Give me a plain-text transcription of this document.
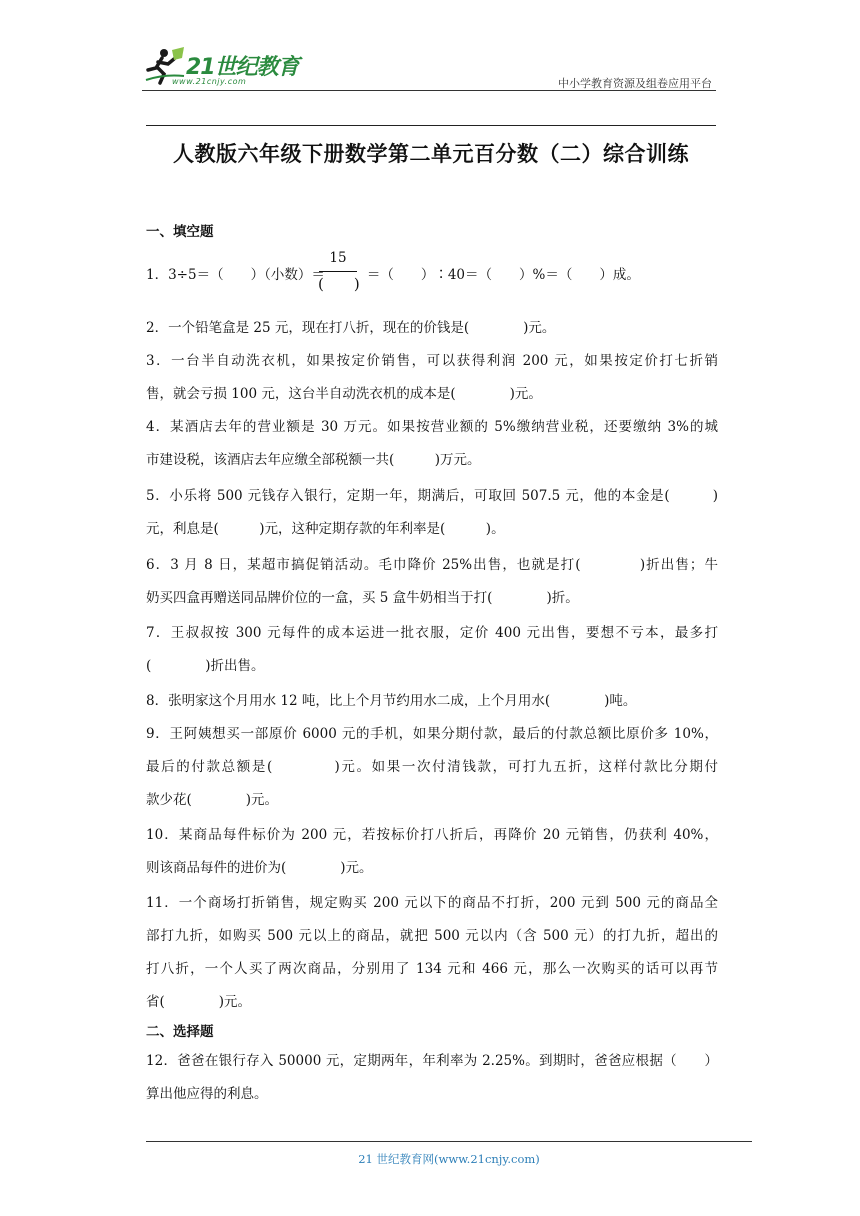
21世纪教育
www.21cnjy.com	中小学教育资源及组卷应用平台
人教版六年级下册数学第二单元百分数（二）综合训练
一、填空题
1．3÷5＝（　　）（小数）＝	＝（　　）∶40＝（　　）%＝（　　）成。
15
(　　)
2．一个铅笔盒是 25 元，现在打八折，现在的价钱是(　　　　)元。
3．一台半自动洗衣机，如果按定价销售，可以获得利润 200 元，如果按定价打七折销
售，就会亏损 100 元，这台半自动洗衣机的成本是(　　　　)元。
4．某酒店去年的营业额是 30 万元。如果按营业额的 5%缴纳营业税，还要缴纳 3%的城
市建设税，该酒店去年应缴全部税额一共(　　　)万元。
5．小乐将 500 元钱存入银行，定期一年，期满后，可取回 507.5 元，他的本金是(　　　)
元，利息是(　　　)元，这种定期存款的年利率是(　　　)。
6．3 月 8 日，某超市搞促销活动。毛巾降价 25%出售，也就是打(　　　　)折出售；牛
奶买四盒再赠送同品牌价位的一盒，买 5 盒牛奶相当于打(　　　　)折。
7．王叔叔按 300 元每件的成本运进一批衣服，定价 400 元出售，要想不亏本，最多打
(　　　　)折出售。
8．张明家这个月用水 12 吨，比上个月节约用水二成，上个月用水(　　　　)吨。
9．王阿姨想买一部原价 6000 元的手机，如果分期付款，最后的付款总额比原价多 10%，
最后的付款总额是(　　　　)元。如果一次付清钱款，可打九五折，这样付款比分期付
款少花(　　　　)元。
10．某商品每件标价为 200 元，若按标价打八折后，再降价 20 元销售，仍获利 40%，
则该商品每件的进价为(　　　　)元。
11．一个商场打折销售，规定购买 200 元以下的商品不打折，200 元到 500 元的商品全
部打九折，如购买 500 元以上的商品，就把 500 元以内（含 500 元）的打九折，超出的
打八折，一个人买了两次商品，分别用了 134 元和 466 元，那么一次购买的话可以再节
省(　　　　)元。
二、选择题
12．爸爸在银行存入 50000 元，定期两年，年利率为 2.25%。到期时，爸爸应根据（　　）
算出他应得的利息。
21 世纪教育网(www.21cnjy.com)
